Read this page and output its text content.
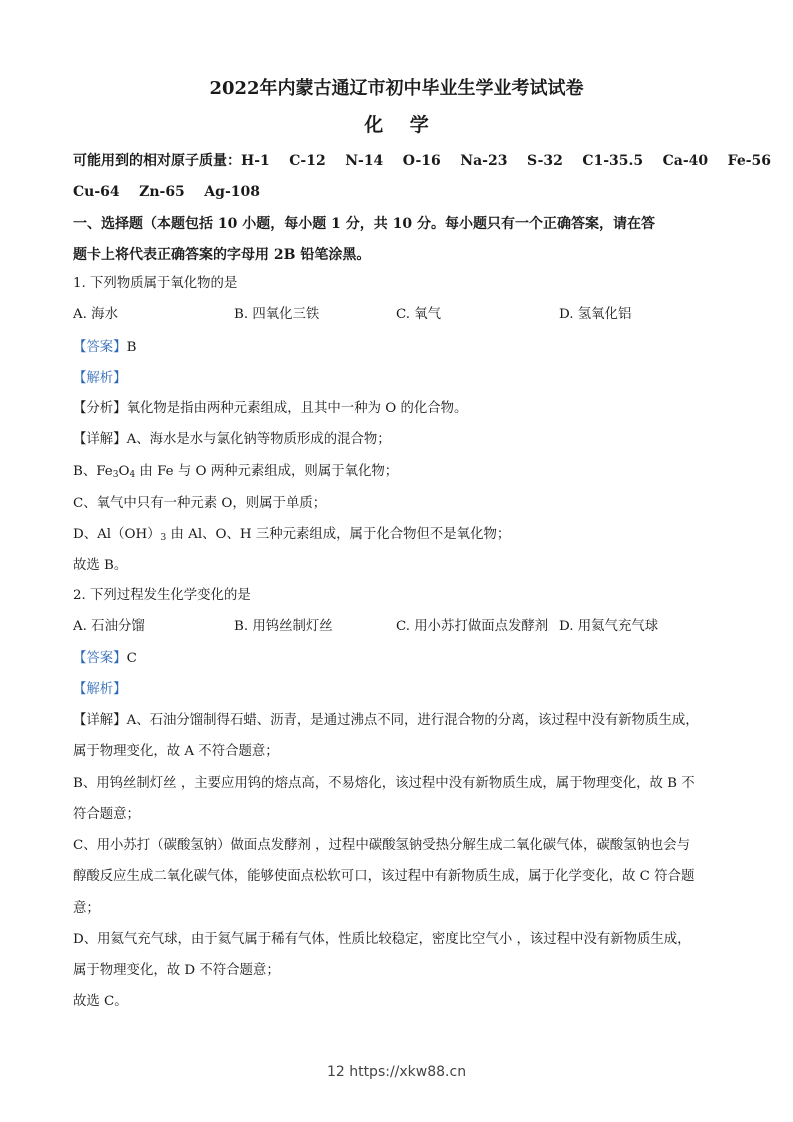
2022年内蒙古通辽市初中毕业生学业考试试卷
化    学
可能用到的相对原子质量：H-1    C-12    N-14    O-16    Na-23    S-32    C1-35.5    Ca-40    Fe-56
Cu-64    Zn-65    Ag-108
一、选择题（本题包括 10 小题，每小题 1 分，共 10 分。每小题只有一个正确答案，请在答
题卡上将代表正确答案的字母用 2B 铅笔涂黑。
1. 下列物质属于氧化物的是
A. 海水	B. 四氧化三铁	C. 氧气	D. 氢氧化铝
【答案】B
【解析】
【分析】氧化物是指由两种元素组成，且其中一种为 O 的化合物。
【详解】A、海水是水与氯化钠等物质形成的混合物；
B、$Fe_3O_4$ 由 Fe 与 O 两种元素组成，则属于氧化物；
C、氧气中只有一种元素 O，则属于单质；
D、$Al(OH)_3$ 由 Al、O、H 三种元素组成，属于化合物但不是氧化物；
故选 B。
2. 下列过程发生化学变化的是
A. 石油分馏	B. 用钨丝制灯丝	C. 用小苏打做面点发酵剂 D. 用氦气充气球
【答案】C
【解析】
【详解】A、石油分馏制得石蜡、沥青，是通过沸点不同，进行混合物的分离，该过程中没有新物质生成，
属于物理变化，故 A 不符合题意；
B、用钨丝制灯丝 ，主要应用钨的熔点高，不易熔化，该过程中没有新物质生成，属于物理变化，故 B 不
符合题意；
C、用小苏打（碳酸氢钠）做面点发酵剂 ，过程中碳酸氢钠受热分解生成二氧化碳气体，碳酸氢钠也会与
醇酸反应生成二氧化碳气体，能够使面点松软可口，该过程中有新物质生成，属于化学变化，故 C 符合题
意；
D、用氦气充气球，由于氦气属于稀有气体，性质比较稳定，密度比空气小 ，该过程中没有新物质生成，
属于物理变化，故 D 不符合题意；
故选 C。
12 https://xkw88.cn
